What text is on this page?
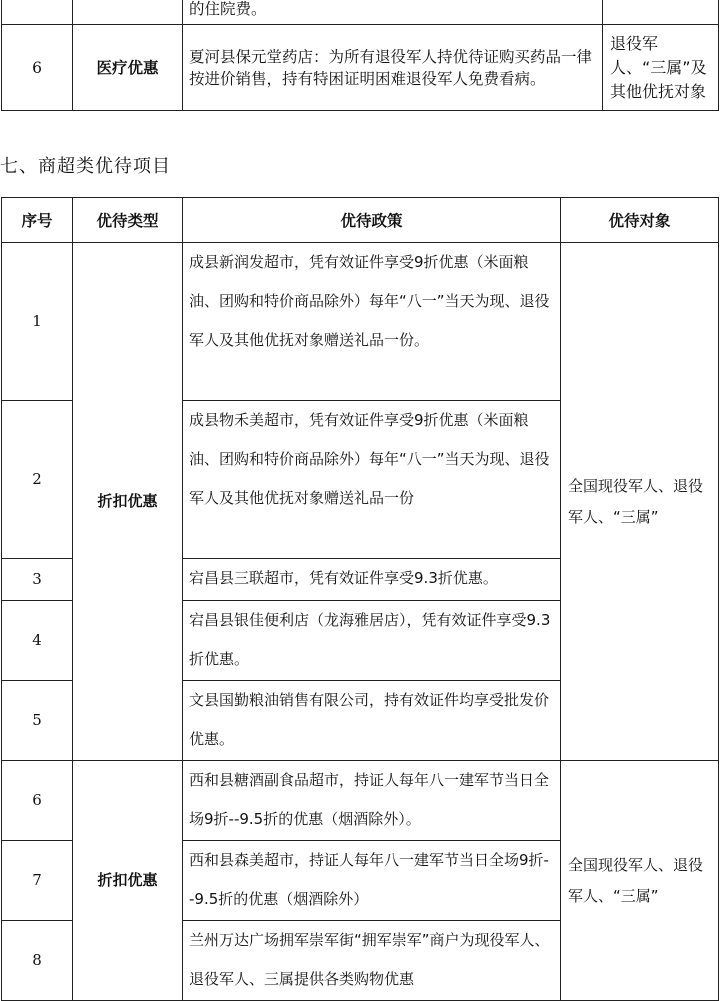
		的住院费。	

6	医疗优惠	夏河县保元堂药店：为所有退役军人持优待证购买药品一律按进价销售，持有特困证明困难退役军人免费看病。	退役军人、“三属”及其他优抚对象
七、商超类优待项目
序号	优待类型	优待政策	优待对象
1	折扣优惠	成县新润发超市，凭有效证件享受9折优惠（米面粮油、团购和特价商品除外）每年“八一”当天为现、退役军人及其他优抚对象赠送礼品一份。	全国现役军人、退役军人、“三属”
2		成县物禾美超市，凭有效证件享受9折优惠（米面粮油、团购和特价商品除外）每年“八一”当天为现、退役军人及其他优抚对象赠送礼品一份	

3		宕昌县三联超市，凭有效证件享受9.3折优惠。	

4		宕昌县银佳便利店（龙海雅居店），凭有效证件享受9.3折优惠。	

5		文县国勤粮油销售有限公司，持有效证件均享受批发价优惠。	

6	折扣优惠	西和县糖酒副食品超市，持证人每年八一建军节当日全场9折--9.5折的优惠（烟酒除外）。	全国现役军人、退役军人、“三属”
7		西和县森美超市，持证人每年八一建军节当日全场9折--9.5折的优惠（烟酒除外）	

8		兰州万达广场拥军崇军街“拥军崇军”商户为现役军人、退役军人、三属提供各类购物优惠	
